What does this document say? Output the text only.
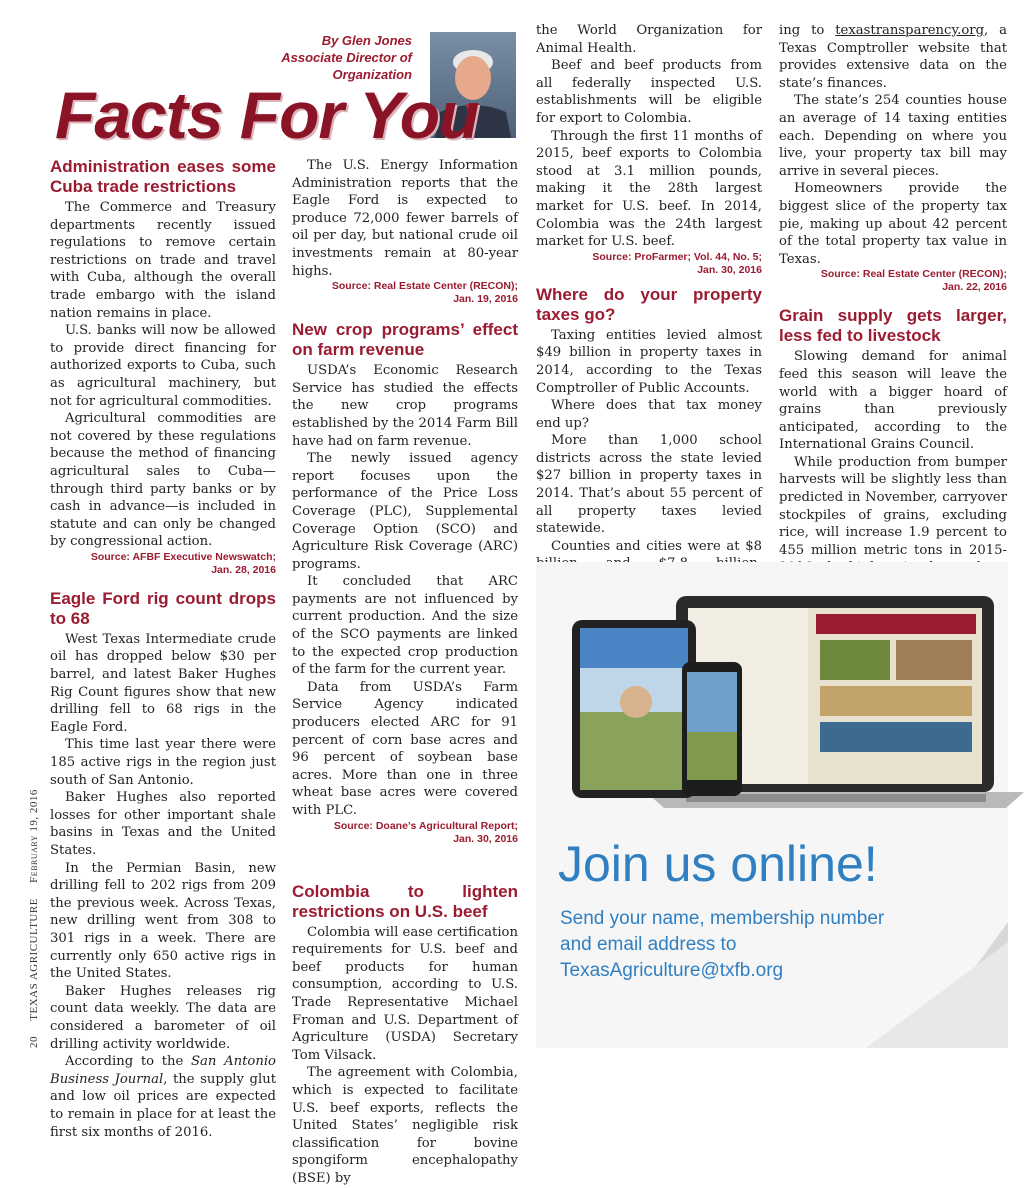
By Glen Jones
Associate Director of Organization
Facts For You
20 TEXAS AGRICULTURE February 19, 2016
Administration eases some Cuba trade restrictions

The Commerce and Treasury departments recently issued regulations to remove certain restrictions on trade and travel with Cuba, although the overall trade embargo with the island nation remains in place.

U.S. banks will now be allowed to provide direct financing for authorized exports to Cuba, such as agricultural machinery, but not for agricultural commodities.

Agricultural commodities are not covered by these regulations because the method of financing agricultural sales to Cuba—through third party banks or by cash in advance—is included in statute and can only be changed by congressional action.

Source: AFBF Executive Newswatch;
Jan. 28, 2016
Eagle Ford rig count drops to 68

West Texas Intermediate crude oil has dropped below $30 per barrel, and latest Baker Hughes Rig Count figures show that new drilling fell to 68 rigs in the Eagle Ford.

This time last year there were 185 active rigs in the region just south of San Antonio.

Baker Hughes also reported losses for other important shale basins in Texas and the United States.

In the Permian Basin, new drilling fell to 202 rigs from 209 the previous week. Across Texas, new drilling went from 308 to 301 rigs in a week. There are currently only 650 active rigs in the United States.

Baker Hughes releases rig count data weekly. The data are considered a barometer of oil drilling activity worldwide.

According to the San Antonio Business Journal, the supply glut and low oil prices are expected to remain in place for at least the first six months of 2016.

The U.S. Energy Information Administration reports that the Eagle Ford is expected to produce 72,000 fewer barrels of oil per day, but national crude oil investments remain at 80-year highs.

Source: Real Estate Center (RECON);
Jan. 19, 2016
New crop programs’ effect on farm revenue

USDA’s Economic Research Service has studied the effects the new crop programs established by the 2014 Farm Bill have had on farm revenue.

The newly issued agency report focuses upon the performance of the Price Loss Coverage (PLC), Supplemental Coverage Option (SCO) and Agriculture Risk Coverage (ARC) programs.

It concluded that ARC payments are not influenced by current production. And the size of the SCO payments are linked to the expected crop production of the farm for the current year.

Data from USDA’s Farm Service Agency indicated producers elected ARC for 91 percent of corn base acres and 96 percent of soybean base acres. More than one in three wheat base acres were covered with PLC.

Source: Doane’s Agricultural Report;
Jan. 30, 2016
Colombia to lighten restrictions on U.S. beef

Colombia will ease certification requirements for U.S. beef and beef products for human consumption, according to U.S. Trade Representative Michael Froman and U.S. Department of Agriculture (USDA) Secretary Tom Vilsack.

The agreement with Colombia, which is expected to facilitate U.S. beef exports, reflects the United States’ negligible risk classification for bovine spongiform encephalopathy (BSE) by

the World Organization for Animal Health.

Beef and beef products from all federally inspected U.S. establishments will be eligible for export to Colombia.

Through the first 11 months of 2015, beef exports to Colombia stood at 3.1 million pounds, making it the 28th largest market for U.S. beef. In 2014, Colombia was the 24th largest market for U.S. beef.

Source: ProFarmer; Vol. 44, No. 5;
Jan. 30, 2016
Where do your property taxes go?

Taxing entities levied almost $49 billion in property taxes in 2014, according to the Texas Comptroller of Public Accounts.

Where does that tax money end up?

More than 1,000 school districts across the state levied $27 billion in property taxes in 2014. That’s about 55 percent of all property taxes levied statewide.

Counties and cities were at $8

ing to texastransparency.org, a Texas Comptroller website that provides extensive data on the state’s finances.

The state’s 254 counties house an average of 14 taxing entities each. Depending on where you live, your property tax bill may arrive in several pieces.

Homeowners provide the biggest slice of the property tax pie, making up about 42 percent of the total property tax value in Texas.

Source: Real Estate Center (RECON);
Jan. 22, 2016
Grain supply gets larger, less fed to livestock

Slowing demand for animal feed this season will leave the world with a bigger hoard of grains than previously anticipated, according to the International Grains Council.

While production from bumper harvests will be slightly less than predicted in November, carryover stockpiles of grains, excluding rice, will increase 1.9 percent to 455 million metric tons in 2015-

Join us online!
Send your name, membership number
and email address to
TexasAgriculture@txfb.org
